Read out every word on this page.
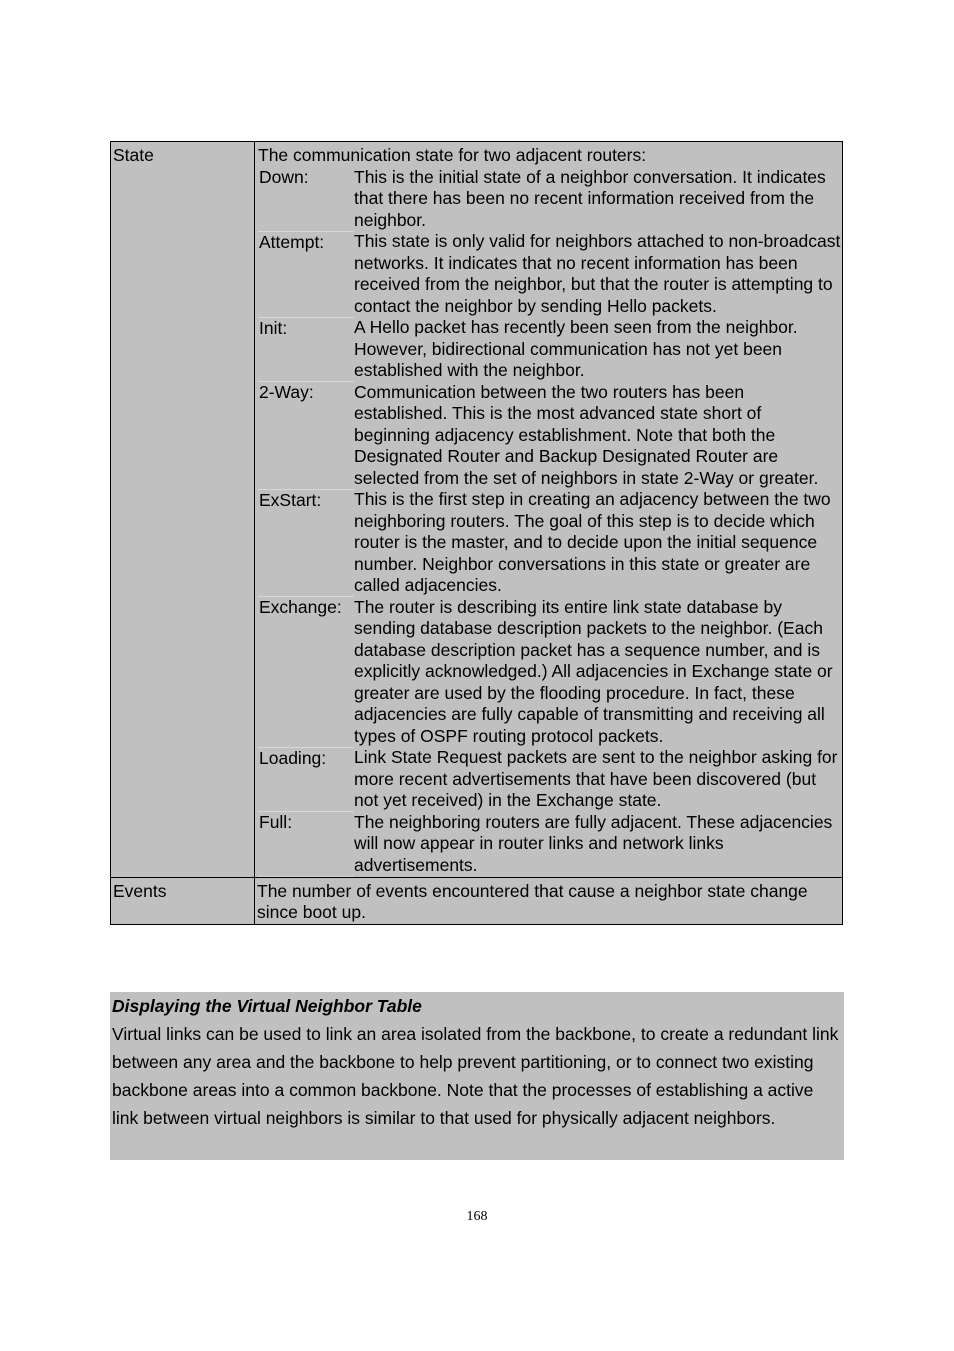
State	The communication state for two adjacent routers:

Down:	This is the initial state of a neighbor conversation. It indicates that there has been no recent information received from the neighbor.
Attempt:	This state is only valid for neighbors attached to non-broadcast networks. It indicates that no recent information has been received from the neighbor, but that the router is attempting to contact the neighbor by sending Hello packets.
Init:	A Hello packet has recently been seen from the neighbor. However, bidirectional communication has not yet been established with the neighbor.
2-Way:	Communication between the two routers has been established. This is the most advanced state short of beginning adjacency establishment. Note that both the Designated Router and Backup Designated Router are selected from the set of neighbors in state 2-Way or greater.
ExStart:	This is the first step in creating an adjacency between the two neighboring routers. The goal of this step is to decide which router is the master, and to decide upon the initial sequence number. Neighbor conversations in this state or greater are called adjacencies.
Exchange:	The router is describing its entire link state database by sending database description packets to the neighbor. (Each database description packet has a sequence number, and is explicitly acknowledged.) All adjacencies in Exchange state or greater are used by the flooding procedure. In fact, these adjacencies are fully capable of transmitting and receiving all types of OSPF routing protocol packets.
Loading:	Link State Request packets are sent to the neighbor asking for more recent advertisements that have been discovered (but not yet received) in the Exchange state.
Full:	The neighboring routers are fully adjacent. These adjacencies will now appear in router links and network links advertisements.

Events	The number of events encountered that cause a neighbor state change since boot up.

Displaying the Virtual Neighbor Table

Virtual links can be used to link an area isolated from the backbone, to create a redundant link between any area and the backbone to help prevent partitioning, or to connect two existing backbone areas into a common backbone. Note that the processes of establishing a active link between virtual neighbors is similar to that used for physically adjacent neighbors.

168
